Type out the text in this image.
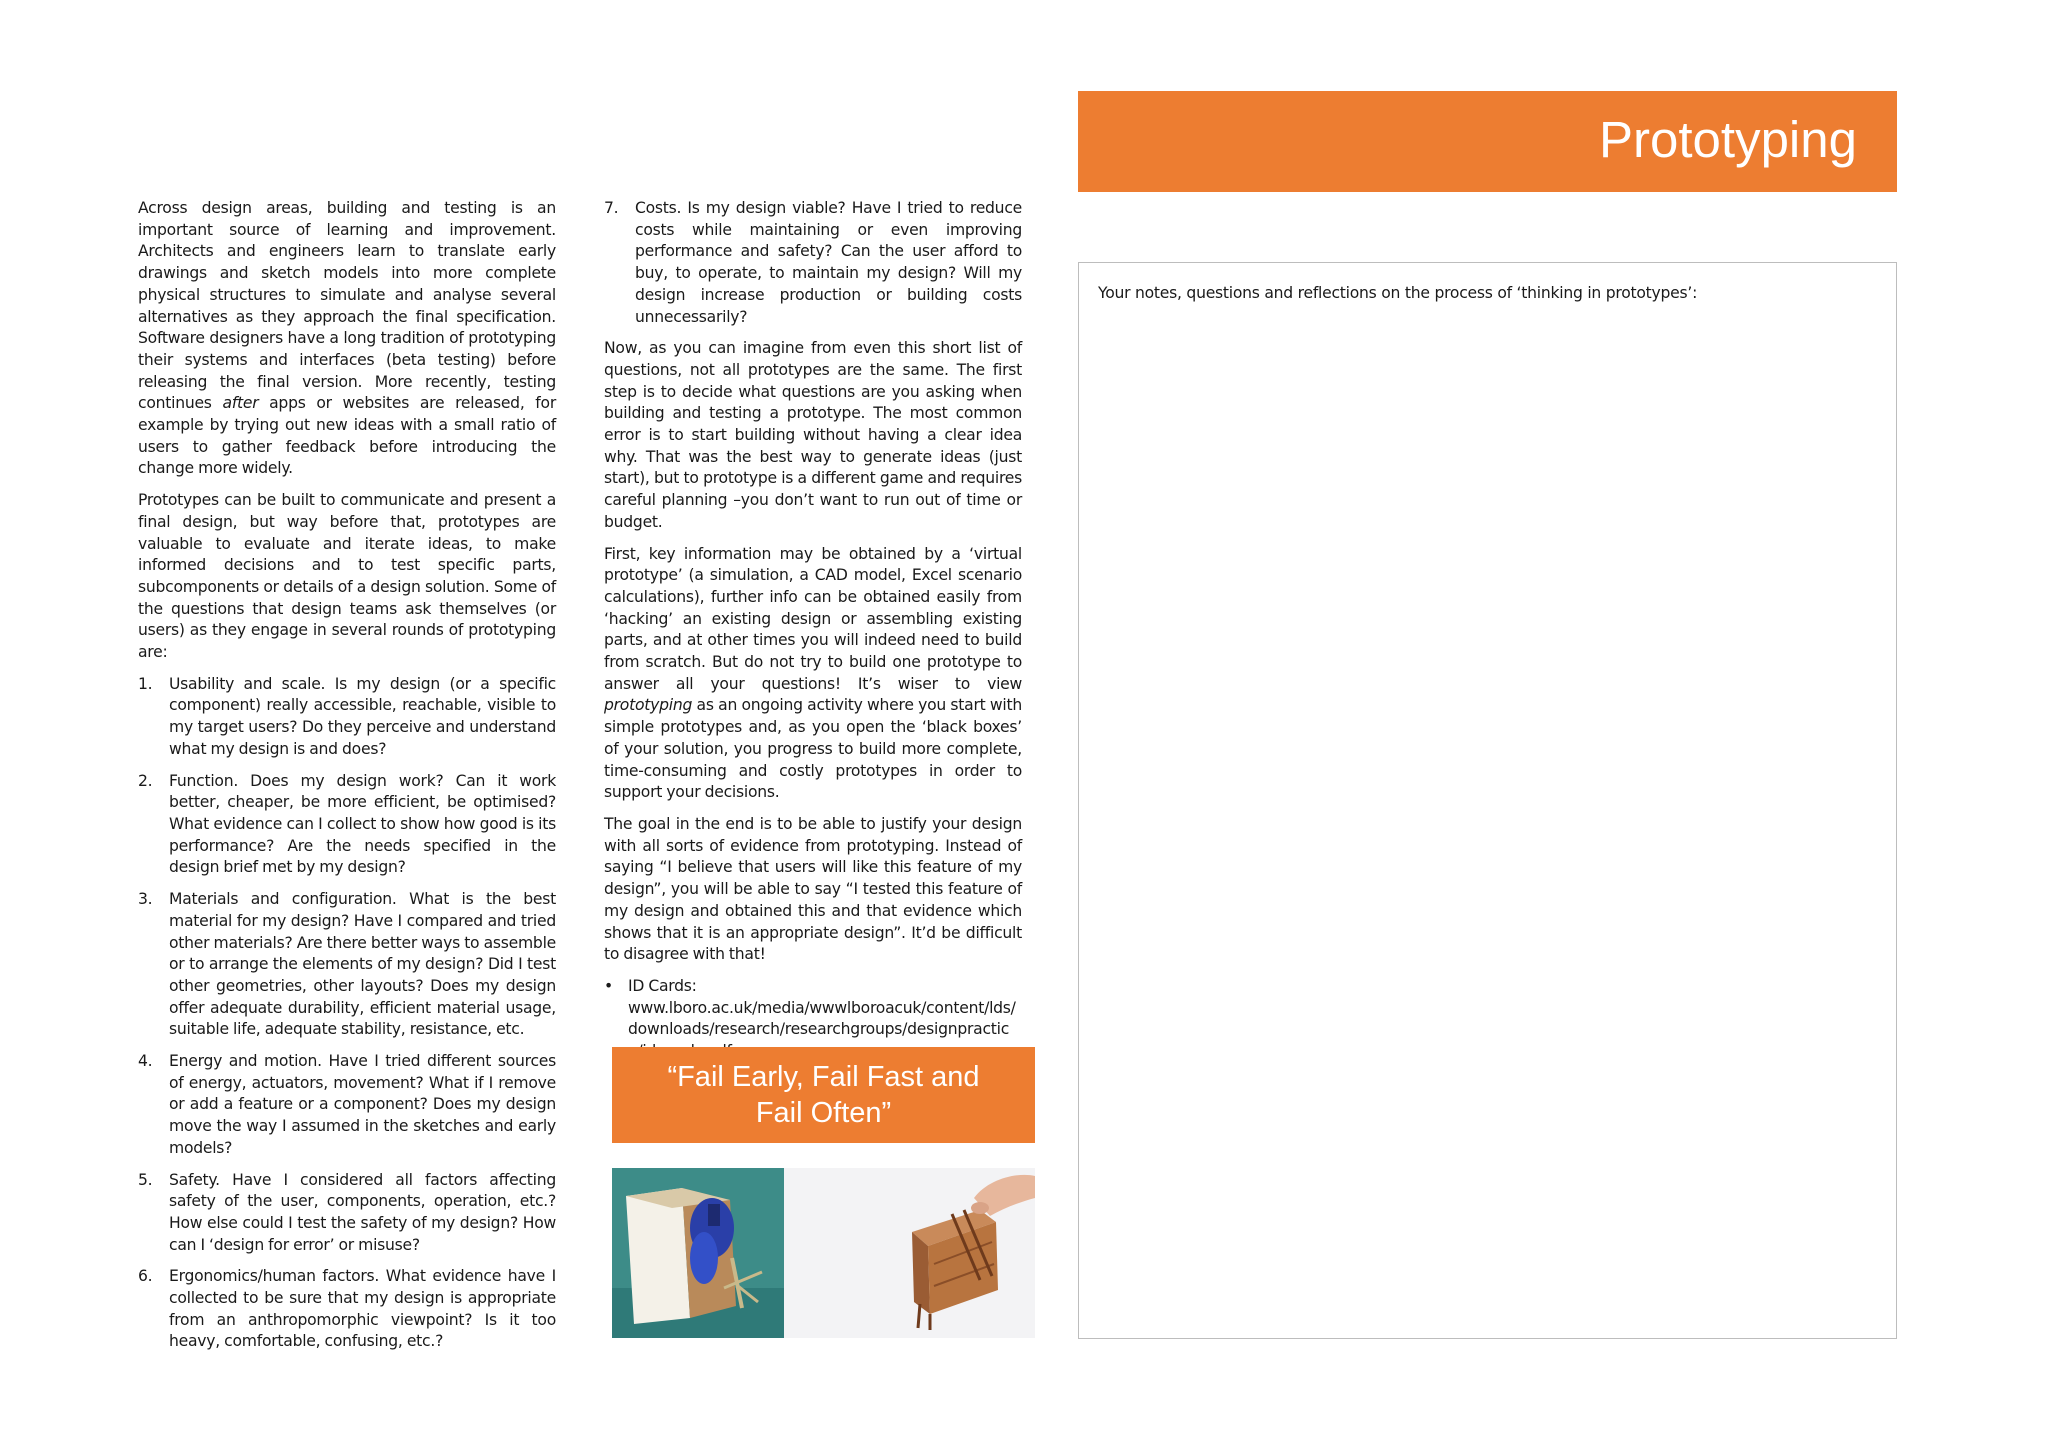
Prototyping

Across design areas, building and testing is an important source of learning and improvement. Architects and engineers learn to translate early drawings and sketch models into more complete physical structures to simulate and analyse several alternatives as they approach the final specification. Software designers have a long tradition of prototyping their systems and interfaces (beta testing) before releasing the final version. More recently, testing continues after apps or websites are released, for example by trying out new ideas with a small ratio of users to gather feedback before introducing the change more widely.

Prototypes can be built to communicate and present a final design, but way before that, prototypes are valuable to evaluate and iterate ideas, to make informed decisions and to test specific parts, subcomponents or details of a design solution. Some of the questions that design teams ask themselves (or users) as they engage in several rounds of prototyping are:

1. Usability and scale. Is my design (or a specific component) really accessible, reachable, visible to my target users? Do they perceive and understand what my design is and does?
2. Function. Does my design work? Can it work better, cheaper, be more efficient, be optimised? What evidence can I collect to show how good is its performance? Are the needs specified in the design brief met by my design?
3. Materials and configuration. What is the best material for my design? Have I compared and tried other materials? Are there better ways to assemble or to arrange the elements of my design? Did I test other geometries, other layouts? Does my design offer adequate durability, efficient material usage, suitable life, adequate stability, resistance, etc.
4. Energy and motion. Have I tried different sources of energy, actuators, movement? What if I remove or add a feature or a component? Does my design move the way I assumed in the sketches and early models?
5. Safety. Have I considered all factors affecting safety of the user, components, operation, etc.? How else could I test the safety of my design? How can I ‘design for error’ or misuse?
6. Ergonomics/human factors. What evidence have I collected to be sure that my design is appropriate from an anthropomorphic viewpoint? Is it too heavy, comfortable, confusing, etc.?
7. Costs. Is my design viable? Have I tried to reduce costs while maintaining or even improving performance and safety? Can the user afford to buy, to operate, to maintain my design? Will my design increase production or building costs unnecessarily?

Now, as you can imagine from even this short list of questions, not all prototypes are the same. The first step is to decide what questions are you asking when building and testing a prototype. The most common error is to start building without having a clear idea why. That was the best way to generate ideas (just start), but to prototype is a different game and requires careful planning –you don’t want to run out of time or budget.

First, key information may be obtained by a ‘virtual prototype’ (a simulation, a CAD model, Excel scenario calculations), further info can be obtained easily from ‘hacking’ an existing design or assembling existing parts, and at other times you will indeed need to build from scratch. But do not try to build one prototype to answer all your questions! It’s wiser to view prototyping as an ongoing activity where you start with simple prototypes and, as you open the ‘black boxes’ of your solution, you progress to build more complete, time-consuming and costly prototypes in order to support your decisions.

The goal in the end is to be able to justify your design with all sorts of evidence from prototyping. Instead of saying “I believe that users will like this feature of my design”, you will be able to say “I tested this feature of my design and obtained this and that evidence which shows that it is an appropriate design”. It’d be difficult to disagree with that!

• ID Cards:
www.lboro.ac.uk/media/wwwlboroacuk/content/lds/downloads/research/researchgroups/designpractic
“Fail Early, Fail Fast and Fail Often”
Your notes, questions and reflections on the process of ‘thinking in prototypes’:
